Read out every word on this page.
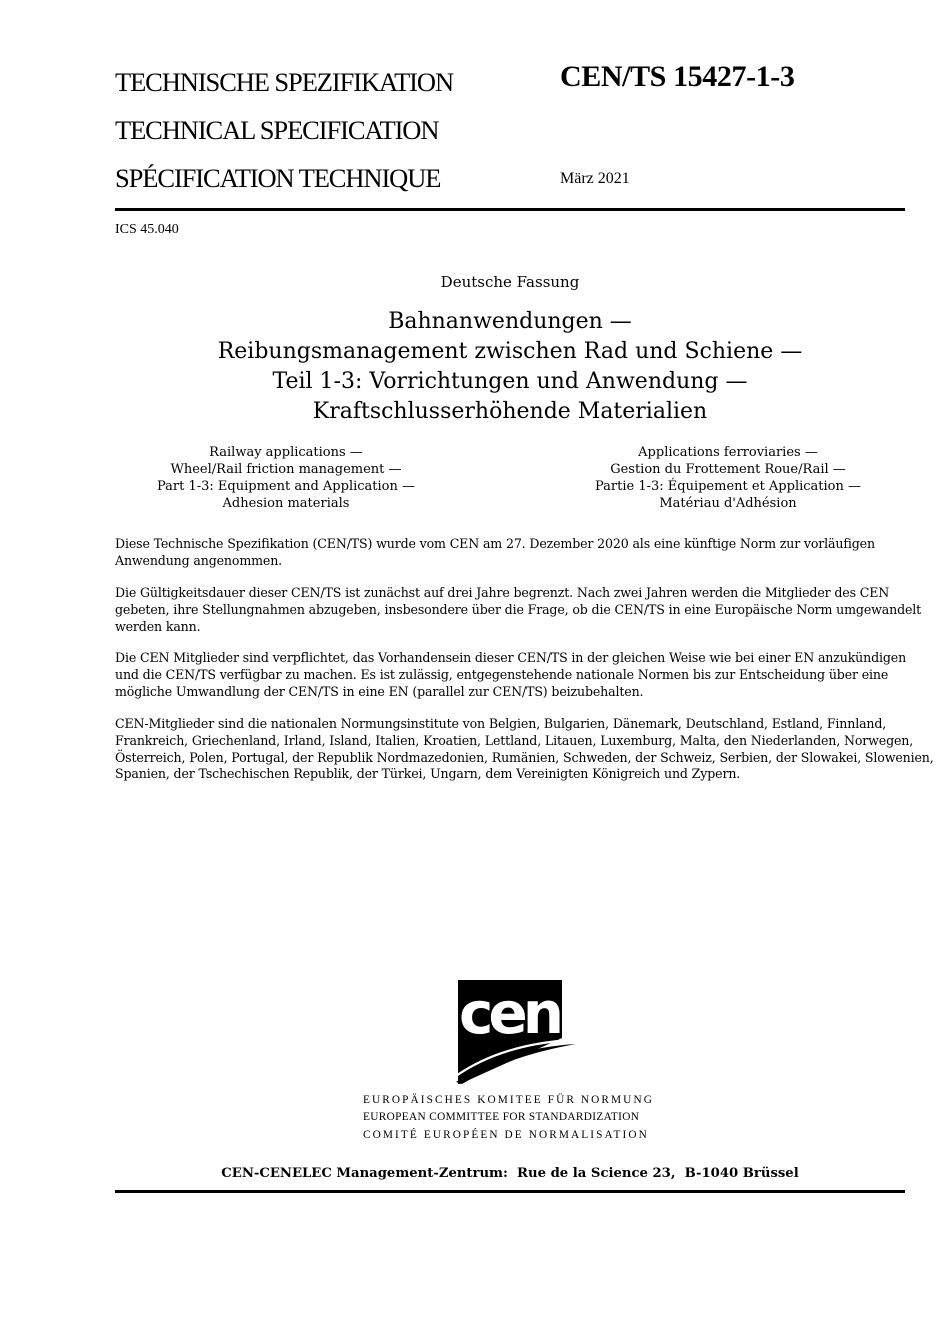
TECHNISCHE SPEZIFIKATION
TECHNICAL SPECIFICATION
SPÉCIFICATION TECHNIQUE
CEN/TS 15427-1-3
März 2021
ICS 45.040
Deutsche Fassung
Bahnanwendungen —
Reibungsmanagement zwischen Rad und Schiene —
Teil 1-3: Vorrichtungen und Anwendung —
Kraftschlusserhöhende Materialien
Railway applications —
Wheel/Rail friction management —
Part 1-3: Equipment and Application —
Adhesion materials
Applications ferroviaries —
Gestion du Frottement Roue/Rail —
Partie 1-3: Équipement et Application —
Matériau d'Adhésion
Diese Technische Spezifikation (CEN/TS) wurde vom CEN am 27. Dezember 2020 als eine künftige Norm zur vorläufigen
Anwendung angenommen.
Die Gültigkeitsdauer dieser CEN/TS ist zunächst auf drei Jahre begrenzt. Nach zwei Jahren werden die Mitglieder des CEN
gebeten, ihre Stellungnahmen abzugeben, insbesondere über die Frage, ob die CEN/TS in eine Europäische Norm umgewandelt
werden kann.
Die CEN Mitglieder sind verpflichtet, das Vorhandensein dieser CEN/TS in der gleichen Weise wie bei einer EN anzukündigen
und die CEN/TS verfügbar zu machen. Es ist zulässig, entgegenstehende nationale Normen bis zur Entscheidung über eine
mögliche Umwandlung der CEN/TS in eine EN (parallel zur CEN/TS) beizubehalten.
CEN-Mitglieder sind die nationalen Normungsinstitute von Belgien, Bulgarien, Dänemark, Deutschland, Estland, Finnland,
Frankreich, Griechenland, Irland, Island, Italien, Kroatien, Lettland, Litauen, Luxemburg, Malta, den Niederlanden, Norwegen,
Österreich, Polen, Portugal, der Republik Nordmazedonien, Rumänien, Schweden, der Schweiz, Serbien, der Slowakei, Slowenien,
Spanien, der Tschechischen Republik, der Türkei, Ungarn, dem Vereinigten Königreich und Zypern.
cen
EUROPÄISCHES KOMITEE FÜR NORMUNG
EUROPEAN COMMITTEE FOR STANDARDIZATION
COMITÉ EUROPÉEN DE NORMALISATION
CEN-CENELEC Management-Zentrum:  Rue de la Science 23,  B-1040 Brüssel
